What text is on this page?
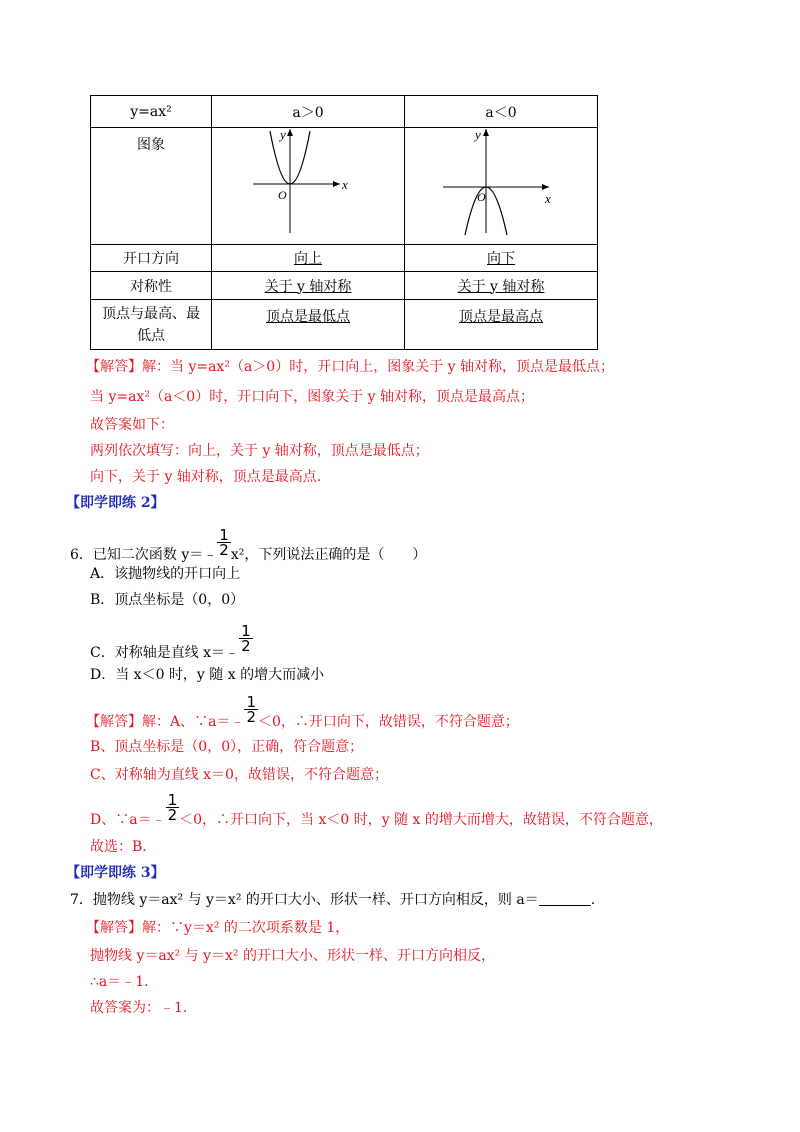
y=ax²	a＞0	a＜0
图象	y
x
O	y
x
O

开口方向	向上	向下
对称性	关于 y 轴对称	关于 y 轴对称
顶点与最高、最低点	顶点是最低点	顶点是最高点
【解答】解：当 y=ax²（a＞0）时，开口向上，图象关于 y 轴对称，顶点是最低点；
当 y=ax²（a＜0）时，开口向下，图象关于 y 轴对称，顶点是最高点；
故答案如下：
两列依次填写：向上，关于 y 轴对称，顶点是最低点；
向下，关于 y 轴对称，顶点是最高点.
【即学即练 2】
6．已知二次函数 y＝﹣ $\frac{1}{2} x^2$，下列说法正确的是（　　）
A．该抛物线的开口向上
B．顶点坐标是（0，0）
C．对称轴是直线 x＝﹣ $\frac{1}{2}$
D．当 x＜0 时，y 随 x 的增大而减小
【解答】解：A、∵a＝﹣ $\frac{1}{2} <0$，∴开口向下，故错误，不符合题意；
B、顶点坐标是（0，0），正确，符合题意；
C、对称轴为直线 x＝0，故错误，不符合题意；
D、∵a＝﹣ $\frac{1}{2} <0$，∴开口向下，当 x＜0 时，y 随 x 的增大而增大，故错误，不符合题意，
故选：B.
【即学即练 3】
7．抛物线 y＝ax² 与 y＝x² 的开口大小、形状一样、开口方向相反，则 a＝	.
【解答】解：∵y＝x² 的二次项系数是 1，
抛物线 y＝ax² 与 y＝x² 的开口大小、形状一样、开口方向相反，
∴a＝﹣1.
故答案为：﹣1.
